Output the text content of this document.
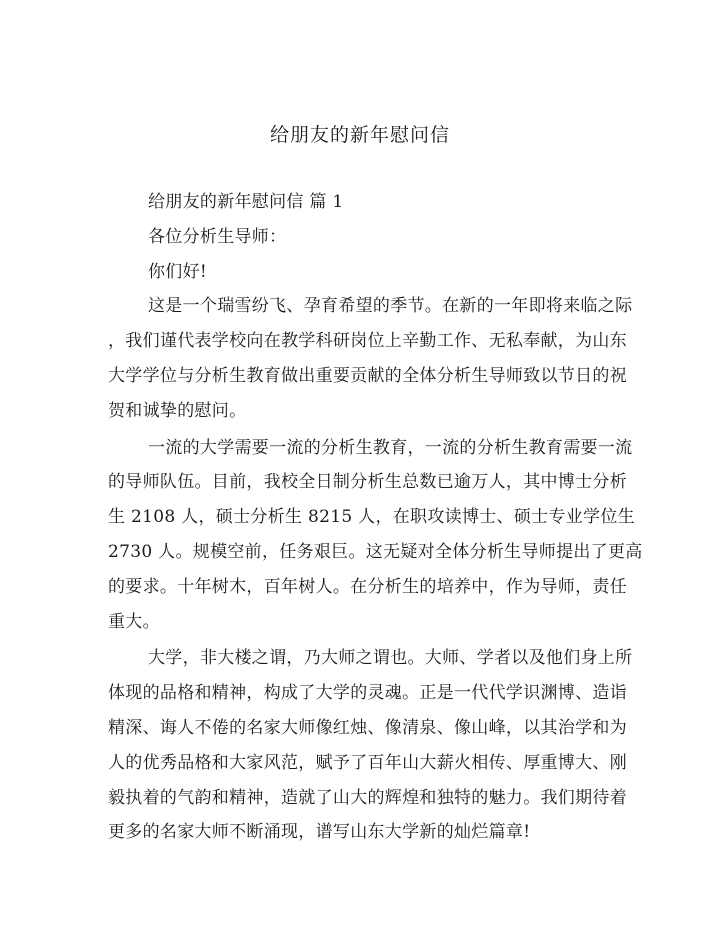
给朋友的新年慰问信
给朋友的新年慰问信 篇 1
各位分析生导师：
你们好!
这是一个瑞雪纷飞、孕育希望的季节。在新的一年即将来临之际
，我们谨代表学校向在教学科研岗位上辛勤工作、无私奉献，为山东
大学学位与分析生教育做出重要贡献的全体分析生导师致以节日的祝
贺和诚挚的慰问。
一流的大学需要一流的分析生教育，一流的分析生教育需要一流
的导师队伍。目前，我校全日制分析生总数已逾万人，其中博士分析
生 2108 人，硕士分析生 8215 人，在职攻读博士、硕士专业学位生
2730 人。规模空前，任务艰巨。这无疑对全体分析生导师提出了更高
的要求。十年树木，百年树人。在分析生的培养中，作为导师，责任
重大。
大学，非大楼之谓，乃大师之谓也。大师、学者以及他们身上所
体现的品格和精神，构成了大学的灵魂。正是一代代学识渊博、造诣
精深、诲人不倦的名家大师像红烛、像清泉、像山峰，以其治学和为
人的优秀品格和大家风范，赋予了百年山大薪火相传、厚重博大、刚
毅执着的气韵和精神，造就了山大的辉煌和独特的魅力。我们期待着
更多的名家大师不断涌现，谱写山东大学新的灿烂篇章!
